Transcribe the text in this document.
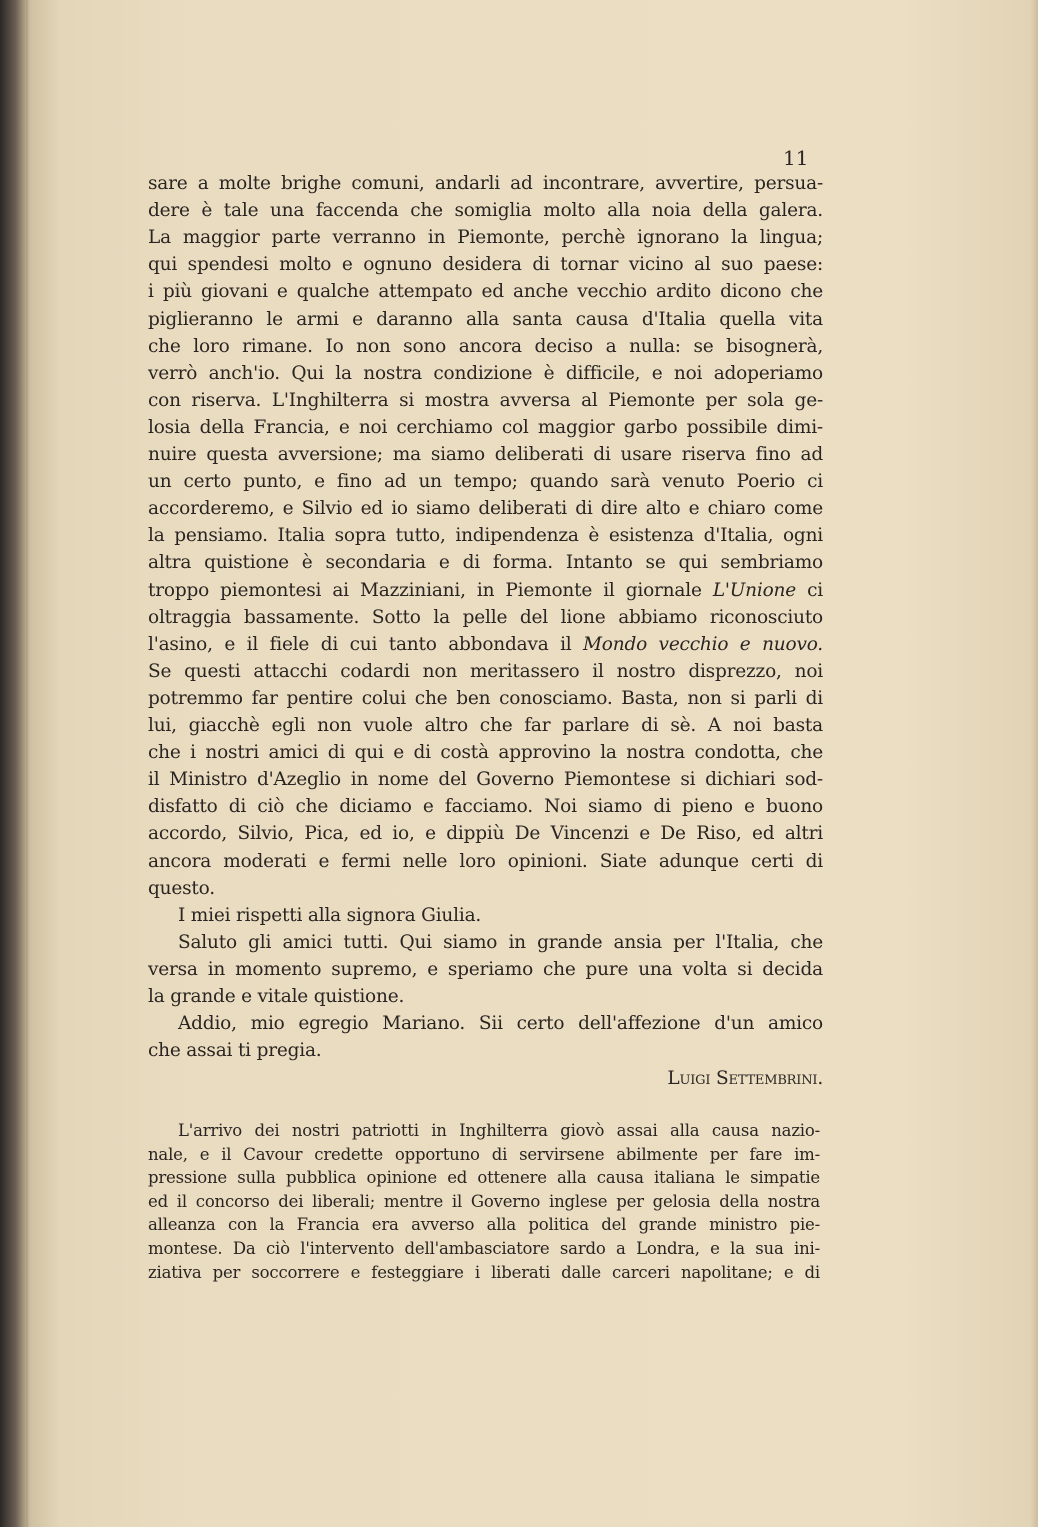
11
sare a molte brighe comuni, andarli ad incontrare, avvertire, persua-
dere è tale una faccenda che somiglia molto alla noia della galera.
La maggior parte verranno in Piemonte, perchè ignorano la lingua;
qui spendesi molto e ognuno desidera di tornar vicino al suo paese:
i più giovani e qualche attempato ed anche vecchio ardito dicono che
piglieranno le armi e daranno alla santa causa d'Italia quella vita
che loro rimane. Io non sono ancora deciso a nulla: se bisognerà,
verrò anch'io. Qui la nostra condizione è difficile, e noi adoperiamo
con riserva. L'Inghilterra si mostra avversa al Piemonte per sola ge-
losia della Francia, e noi cerchiamo col maggior garbo possibile dimi-
nuire questa avversione; ma siamo deliberati di usare riserva fino ad
un certo punto, e fino ad un tempo; quando sarà venuto Poerio ci
accorderemo, e Silvio ed io siamo deliberati di dire alto e chiaro come
la pensiamo. Italia sopra tutto, indipendenza è esistenza d'Italia, ogni
altra quistione è secondaria e di forma. Intanto se qui sembriamo
troppo piemontesi ai Mazziniani, in Piemonte il giornale L'Unione ci
oltraggia bassamente. Sotto la pelle del lione abbiamo riconosciuto
l'asino, e il fiele di cui tanto abbondava il Mondo vecchio e nuovo.
Se questi attacchi codardi non meritassero il nostro disprezzo, noi
potremmo far pentire colui che ben conosciamo. Basta, non si parli di
lui, giacchè egli non vuole altro che far parlare di sè. A noi basta
che i nostri amici di qui e di costà approvino la nostra condotta, che
il Ministro d'Azeglio in nome del Governo Piemontese si dichiari sod-
disfatto di ciò che diciamo e facciamo. Noi siamo di pieno e buono
accordo, Silvio, Pica, ed io, e dippiù De Vincenzi e De Riso, ed altri
ancora moderati e fermi nelle loro opinioni. Siate adunque certi di
questo.
I miei rispetti alla signora Giulia.
Saluto gli amici tutti. Qui siamo in grande ansia per l'Italia, che
versa in momento supremo, e speriamo che pure una volta si decida
la grande e vitale quistione.
Addio, mio egregio Mariano. Sii certo dell'affezione d'un amico
che assai ti pregia.
Luigi Settembrini.
L'arrivo dei nostri patriotti in Inghilterra giovò assai alla causa nazio-
nale, e il Cavour credette opportuno di servirsene abilmente per fare im-
pressione sulla pubblica opinione ed ottenere alla causa italiana le simpatie
ed il concorso dei liberali; mentre il Governo inglese per gelosia della nostra
alleanza con la Francia era avverso alla politica del grande ministro pie-
montese. Da ciò l'intervento dell'ambasciatore sardo a Londra, e la sua ini-
ziativa per soccorrere e festeggiare i liberati dalle carceri napolitane; e di
